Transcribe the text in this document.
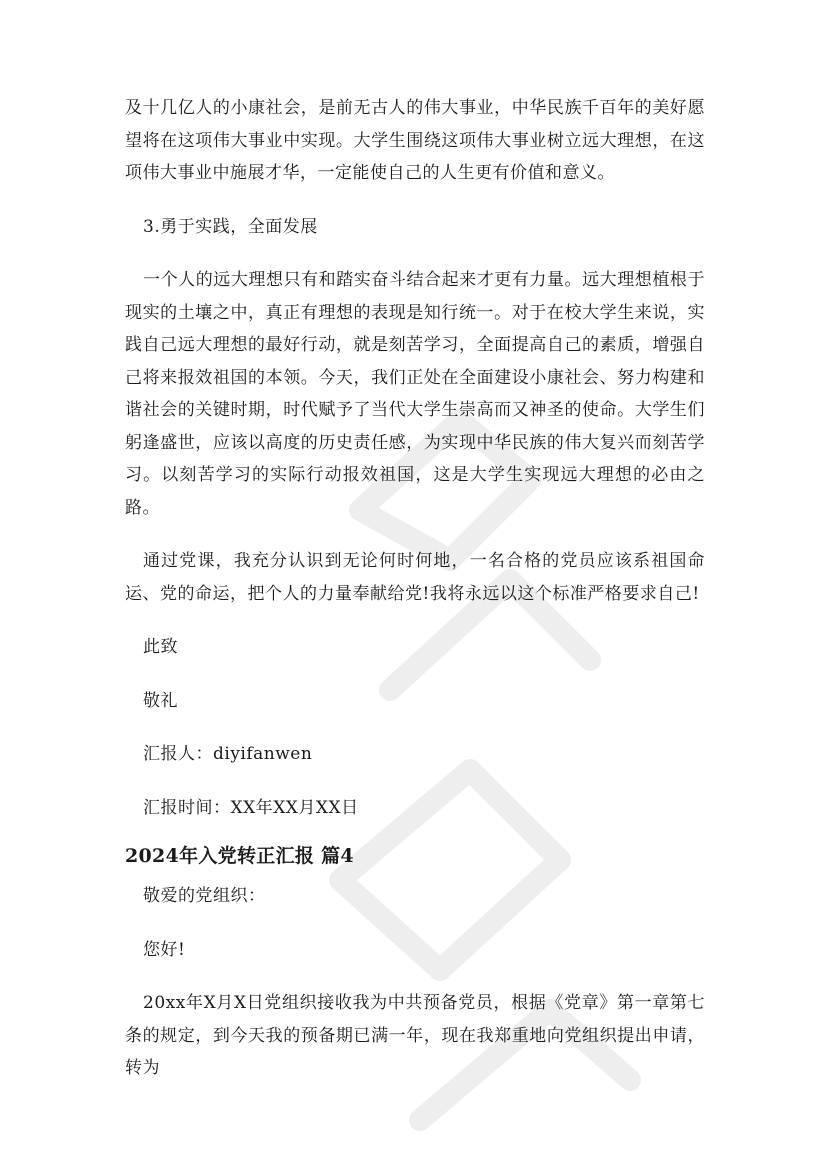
及十几亿人的小康社会，是前无古人的伟大事业，中华民族千百年的美好愿望将在这项伟大事业中实现。大学生围绕这项伟大事业树立远大理想，在这项伟大事业中施展才华，一定能使自己的人生更有价值和意义。

3.勇于实践，全面发展

一个人的远大理想只有和踏实奋斗结合起来才更有力量。远大理想植根于现实的土壤之中，真正有理想的表现是知行统一。对于在校大学生来说，实践自己远大理想的最好行动，就是刻苦学习，全面提高自己的素质，增强自己将来报效祖国的本领。今天，我们正处在全面建设小康社会、努力构建和谐社会的关键时期，时代赋予了当代大学生崇高而又神圣的使命。大学生们躬逢盛世，应该以高度的历史责任感，为实现中华民族的伟大复兴而刻苦学习。以刻苦学习的实际行动报效祖国，这是大学生实现远大理想的必由之路。

通过党课，我充分认识到无论何时何地，一名合格的党员应该系祖国命运、党的命运，把个人的力量奉献给党!我将永远以这个标准严格要求自己!

此致

敬礼

汇报人：diyifanwen

汇报时间：XX年XX月XX日

2024年入党转正汇报 篇4

敬爱的党组织：

您好!

20xx年X月X日党组织接收我为中共预备党员，根据《党章》第一章第七条的规定，到今天我的预备期已满一年，现在我郑重地向党组织提出申请，转为
